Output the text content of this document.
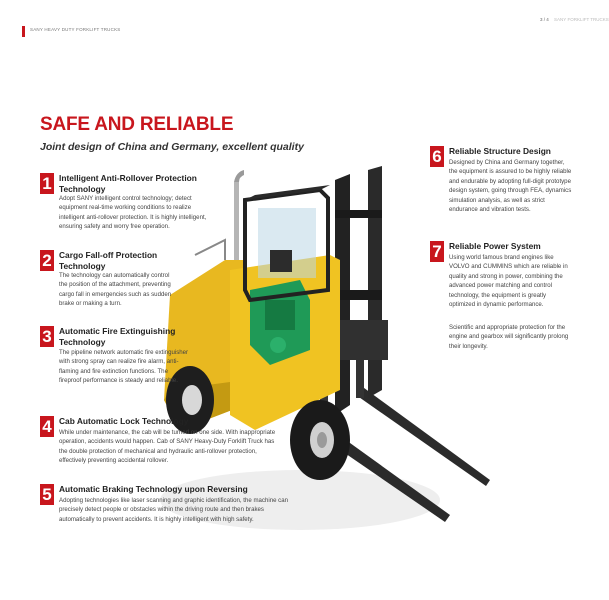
SANY HEAVY DUTY FORKLIFT TRUCKS
3 / 4 SANY FORKLIFT TRUCKS
SAFE AND RELIABLE
Joint design of China and Germany, excellent quality
1 Intelligent Anti-Rollover Protection Technology
Adopt SANY intelligent control technology; detect equipment real-time working conditions to realize intelligent anti-rollover protection. It is highly intelligent, ensuring safety and worry free operation.
2 Cargo Fall-off Protection Technology
The technology can automatically control the position of the attachment, preventing cargo fall in emergencies such as sudden brake or making a turn.
3 Automatic Fire Extinguishing Technology
The pipeline network automatic fire extinguisher with strong spray can realize fire alarm, anti-flaming and fire extinction functions. The fireproof performance is steady and reliable.
4 Cab Automatic Lock Technology
While under maintenance, the cab will be turned on one side. With inappropriate operation, accidents would happen. Cab of SANY Heavy-Duty Forklift Truck has the double protection of mechanical and hydraulic anti-rollover protection, effectively preventing accidental rollover.
5 Automatic Braking Technology upon Reversing
Adopting technologies like laser scanning and graphic identification, the machine can precisely detect people or obstacles within the driving route and then brakes automatically to prevent accidents. It is highly intelligent with high safety.
6 Reliable Structure Design
Designed by China and Germany together, the equipment is assured to be highly reliable and endurable by adopting full-digit prototype design system, going through FEA, dynamics simulation analysis, as well as strict endurance and vibration tests.
7 Reliable Power System
Using world famous brand engines like VOLVO and CUMMINS which are reliable in quality and strong in power, combining the advanced power matching and control technology, the equipment is greatly optimized in dynamic performance.
Scientific and appropriate protection for the engine and gearbox will significantly prolong their longevity.
